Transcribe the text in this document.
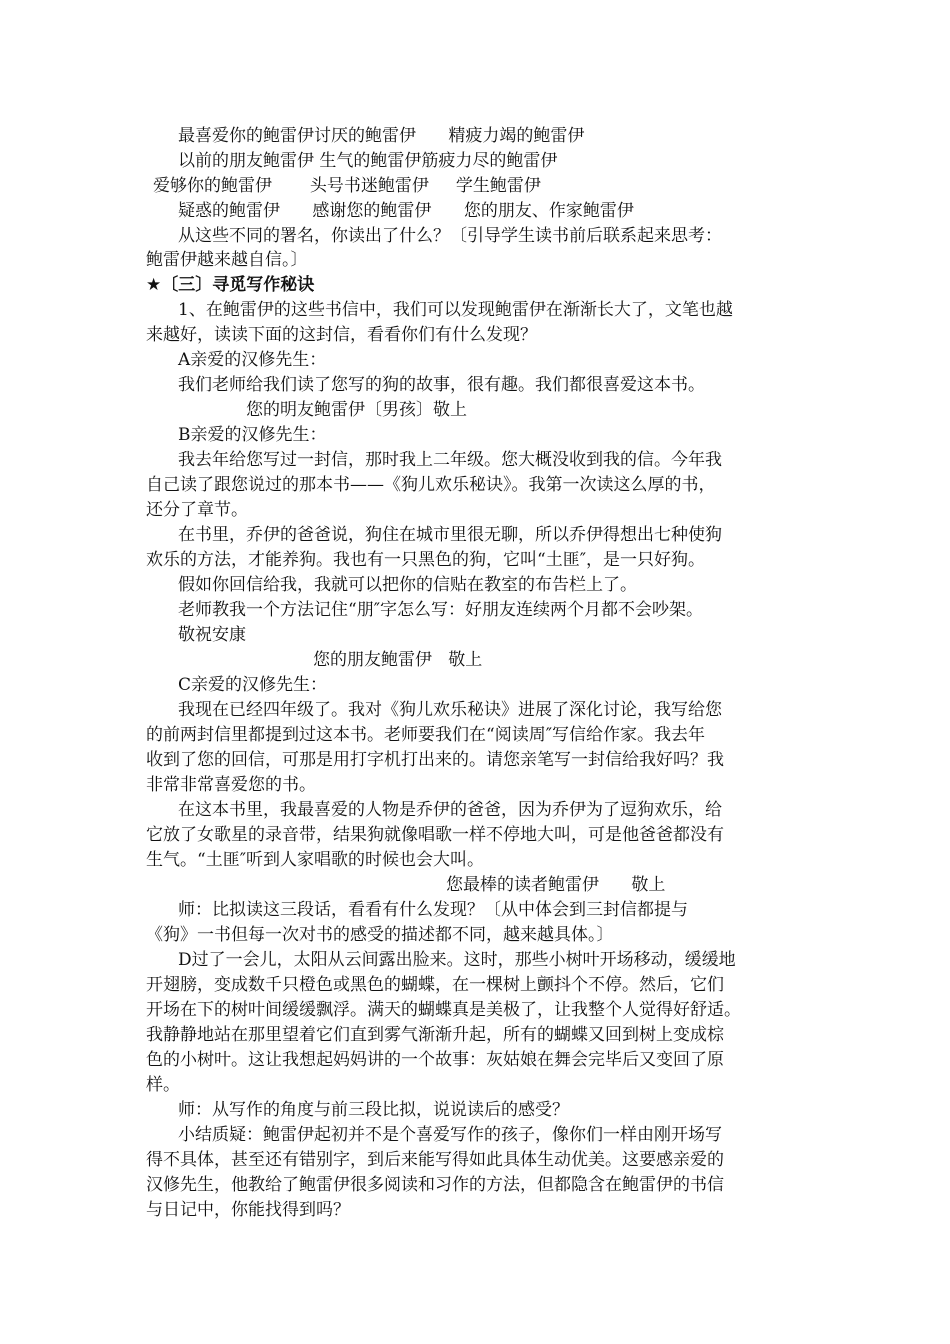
最喜爱你的鲍雷伊讨厌的鲍雷伊      精疲力竭的鲍雷伊
以前的朋友鲍雷伊 生气的鲍雷伊筋疲力尽的鲍雷伊
爱够你的鲍雷伊       头号书迷鲍雷伊     学生鲍雷伊
疑惑的鲍雷伊      感谢您的鲍雷伊      您的朋友、作家鲍雷伊
从这些不同的署名，你读出了什么？〔引导学生读书前后联系起来思考：
鲍雷伊越来越自信。〕
★〔三〕寻觅写作秘诀
1、在鲍雷伊的这些书信中，我们可以发现鲍雷伊在渐渐长大了，文笔也越
来越好，读读下面的这封信，看看你们有什么发现？
A亲爱的汉修先生：
我们老师给我们读了您写的狗的故事，很有趣。我们都很喜爱这本书。
您的明友鲍雷伊〔男孩〕敬上
B亲爱的汉修先生：
我去年给您写过一封信，那时我上二年级。您大概没收到我的信。今年我
自己读了跟您说过的那本书——《狗儿欢乐秘诀》。我第一次读这么厚的书，
还分了章节。
在书里，乔伊的爸爸说，狗住在城市里很无聊，所以乔伊得想出七种使狗
欢乐的方法，才能养狗。我也有一只黑色的狗，它叫“土匪″，是一只好狗。
假如你回信给我，我就可以把你的信贴在教室的布告栏上了。
老师教我一个方法记住“朋″字怎么写：好朋友连续两个月都不会吵架。
敬祝安康
您的朋友鲍雷伊   敬上
C亲爱的汉修先生：
我现在已经四年级了。我对《狗儿欢乐秘诀》进展了深化讨论，我写给您
的前两封信里都提到过这本书。老师要我们在“阅读周″写信给作家。我去年
收到了您的回信，可那是用打字机打出来的。请您亲笔写一封信给我好吗？我
非常非常喜爱您的书。
在这本书里，我最喜爱的人物是乔伊的爸爸，因为乔伊为了逗狗欢乐，给
它放了女歌星的录音带，结果狗就像唱歌一样不停地大叫，可是他爸爸都没有
生气。“土匪″听到人家唱歌的时候也会大叫。
您最棒的读者鲍雷伊      敬上
师：比拟读这三段话，看看有什么发现？〔从中体会到三封信都提与
《狗》一书但每一次对书的感受的描述都不同，越来越具体。〕
D过了一会儿，太阳从云间露出脸来。这时，那些小树叶开场移动，缓缓地
开翅膀，变成数千只橙色或黑色的蝴蝶，在一棵树上颤抖个不停。然后，它们
开场在下的树叶间缓缓飘浮。满天的蝴蝶真是美极了，让我整个人觉得好舒适。
我静静地站在那里望着它们直到雾气渐渐升起，所有的蝴蝶又回到树上变成棕
色的小树叶。这让我想起妈妈讲的一个故事：灰姑娘在舞会完毕后又变回了原
样。
师：从写作的角度与前三段比拟，说说读后的感受？
小结质疑：鲍雷伊起初并不是个喜爱写作的孩子，像你们一样由刚开场写
得不具体，甚至还有错别字，到后来能写得如此具体生动优美。这要感亲爱的
汉修先生，他教给了鲍雷伊很多阅读和习作的方法，但都隐含在鲍雷伊的书信
与日记中，你能找得到吗？
